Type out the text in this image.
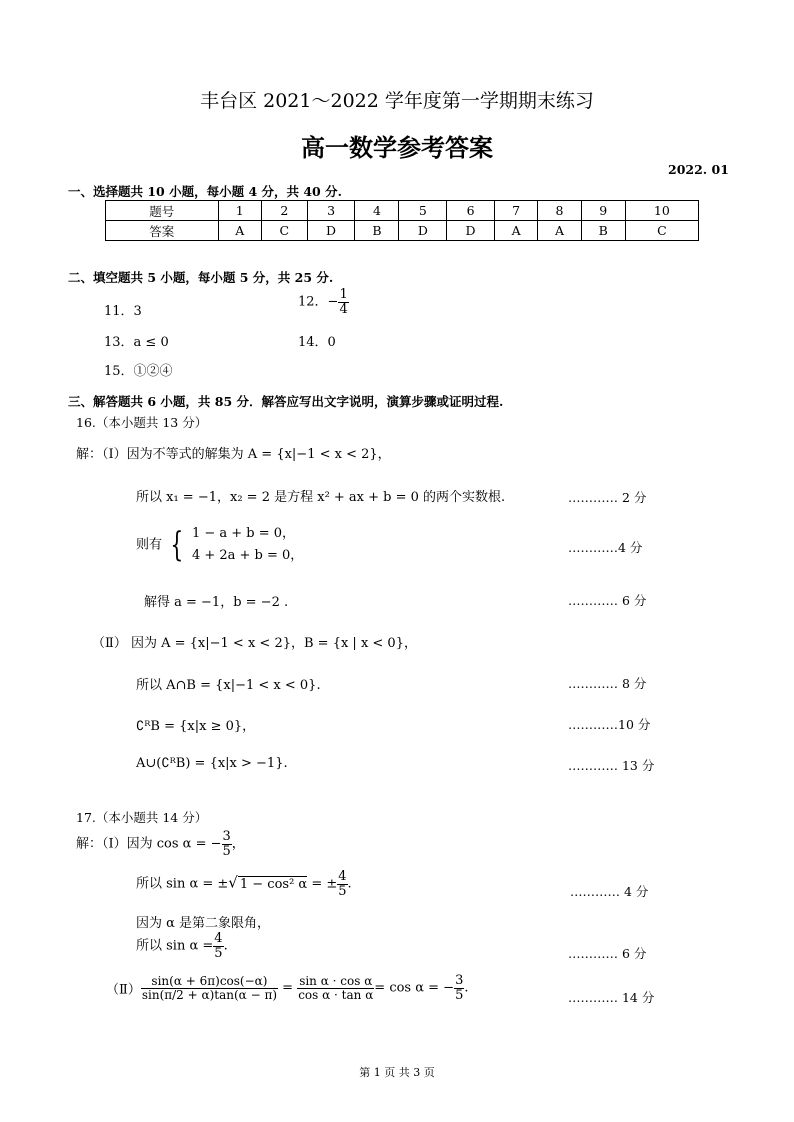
丰台区 2021～2022 学年度第一学期期末练习
高一数学参考答案
2022. 01
一、选择题共 10 小题，每小题 4 分，共 40 分.
题号	1	2	3	4	5	6	7	8	9	10
答案	A	C	D	B	D	D	A	A	B	C
二、填空题共 5 小题，每小题 5 分，共 25 分.
11．3
12．− $\frac{1}{4}$
13．a ≤ 0	14．0
15．①②④
三、解答题共 6 小题，共 85 分．解答应写出文字说明，演算步骤或证明过程.
16.（本小题共 13 分）
解：（Ⅰ）因为不等式的解集为 A = {x|−1 < x < 2}，
所以 x₁ = −1，x₂ = 2 是方程 x² + ax + b = 0 的两个实数根.	………… 2 分
则有 { 1 − a + b = 0，
4 + 2a + b = 0，
…………4 分
解得 a = −1，b = −2 .	………… 6 分
（Ⅱ） 因为 A = {x|−1 < x < 2}，B = {x | x < 0}，
所以 A∩B = {x|−1 < x < 0}.	………… 8 分
∁ᴿB = {x|x ≥ 0}，	…………10 分
A∪(∁ᴿB) = {x|x > −1}.	………… 13 分
17.（本小题共 14 分）
解：（Ⅰ）因为 cos α = − $\frac{3}{5}$ ，
所以 sin α = ±√ 1 − cos² α = ± $\frac{4}{5}$ .	………… 4 分
因为 α 是第二象限角，
所以 $\sin \alpha = \frac{4}{5}$ .	………… 6 分
（Ⅱ） $\frac{\sin(\alpha + 6\pi)\cos(-\alpha)}{\sin(\pi/2 + \alpha)\tan(\alpha - \pi)} = \frac{\text{sin α · cos α}}{\text{cos α · tan α}} = \cos \alpha$ = − $\frac{3}{5}$ .
………… 14 分
第 1 页 共 3 页
